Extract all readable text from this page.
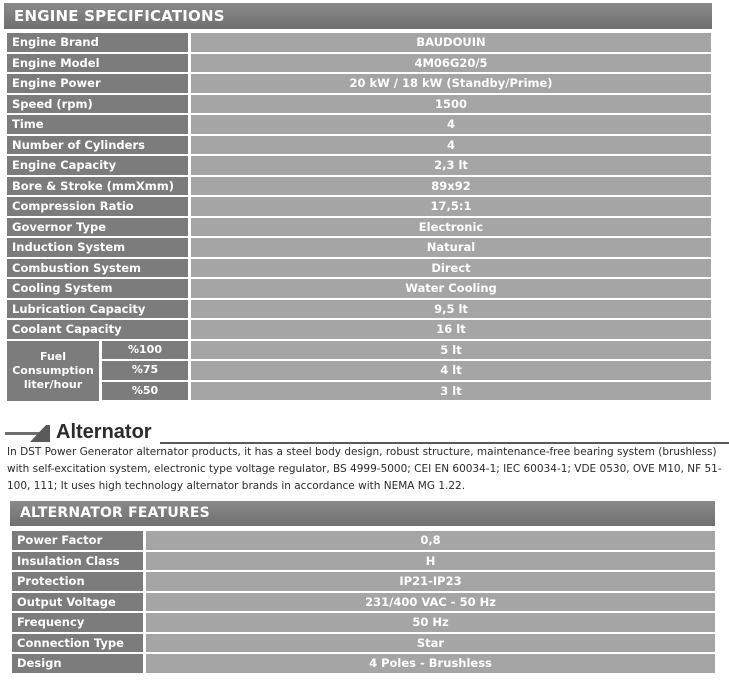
ENGINE SPECIFICATIONS
Engine Brand	BAUDOUIN
Engine Model	4M06G20/5
Engine Power	20 kW / 18 kW (Standby/Prime)
Speed (rpm)	1500
Time	4
Number of Cylinders	4
Engine Capacity	2,3 lt
Bore & Stroke (mmXmm)	89x92
Compression Ratio	17,5:1
Governor Type	Electronic
Induction System	Natural
Combustion System	Direct
Cooling System	Water Cooling
Lubrication Capacity	9,5 lt
Coolant Capacity	16 lt
Fuel
Consumption
liter/hour
%100	5 lt
%75	4 lt
%50	3 lt
Alternator
In DST Power Generator alternator products, it has a steel body design, robust structure, maintenance-free bearing system (brushless) with self-excitation system, electronic type voltage regulator, BS 4999-5000; CEI EN 60034-1; IEC 60034-1; VDE 0530, OVE M10, NF 51-100, 111; It uses high technology alternator brands in accordance with NEMA MG 1.22.
ALTERNATOR FEATURES
Power Factor	0,8
Insulation Class	H
Protection	IP21-IP23
Output Voltage	231/400 VAC - 50 Hz
Frequency	50 Hz
Connection Type	Star
Design	4 Poles - Brushless
